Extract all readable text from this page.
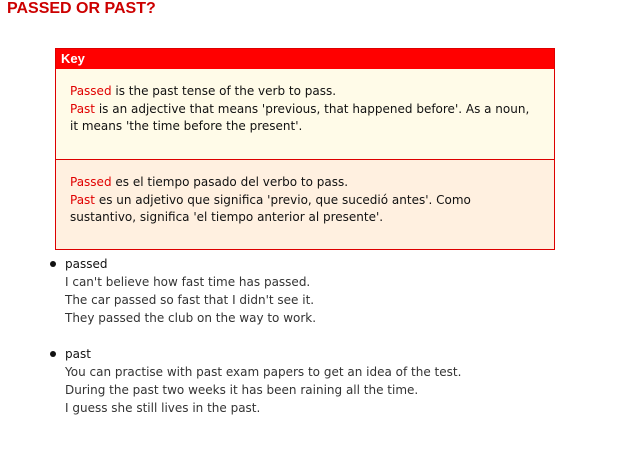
PASSED OR PAST?
Key
Passed is the past tense of the verb to pass.
Past is an adjective that means 'previous, that happened before'. As a noun, it means 'the time before the present'.
Passed es el tiempo pasado del verbo to pass.
Past es un adjetivo que significa 'previo, que sucedió antes'. Como sustantivo, significa 'el tiempo anterior al presente'.
passed
I can't believe how fast time has passed.
The car passed so fast that I didn't see it.
They passed the club on the way to work.
past
You can practise with past exam papers to get an idea of the test.
During the past two weeks it has been raining all the time.
I guess she still lives in the past.
